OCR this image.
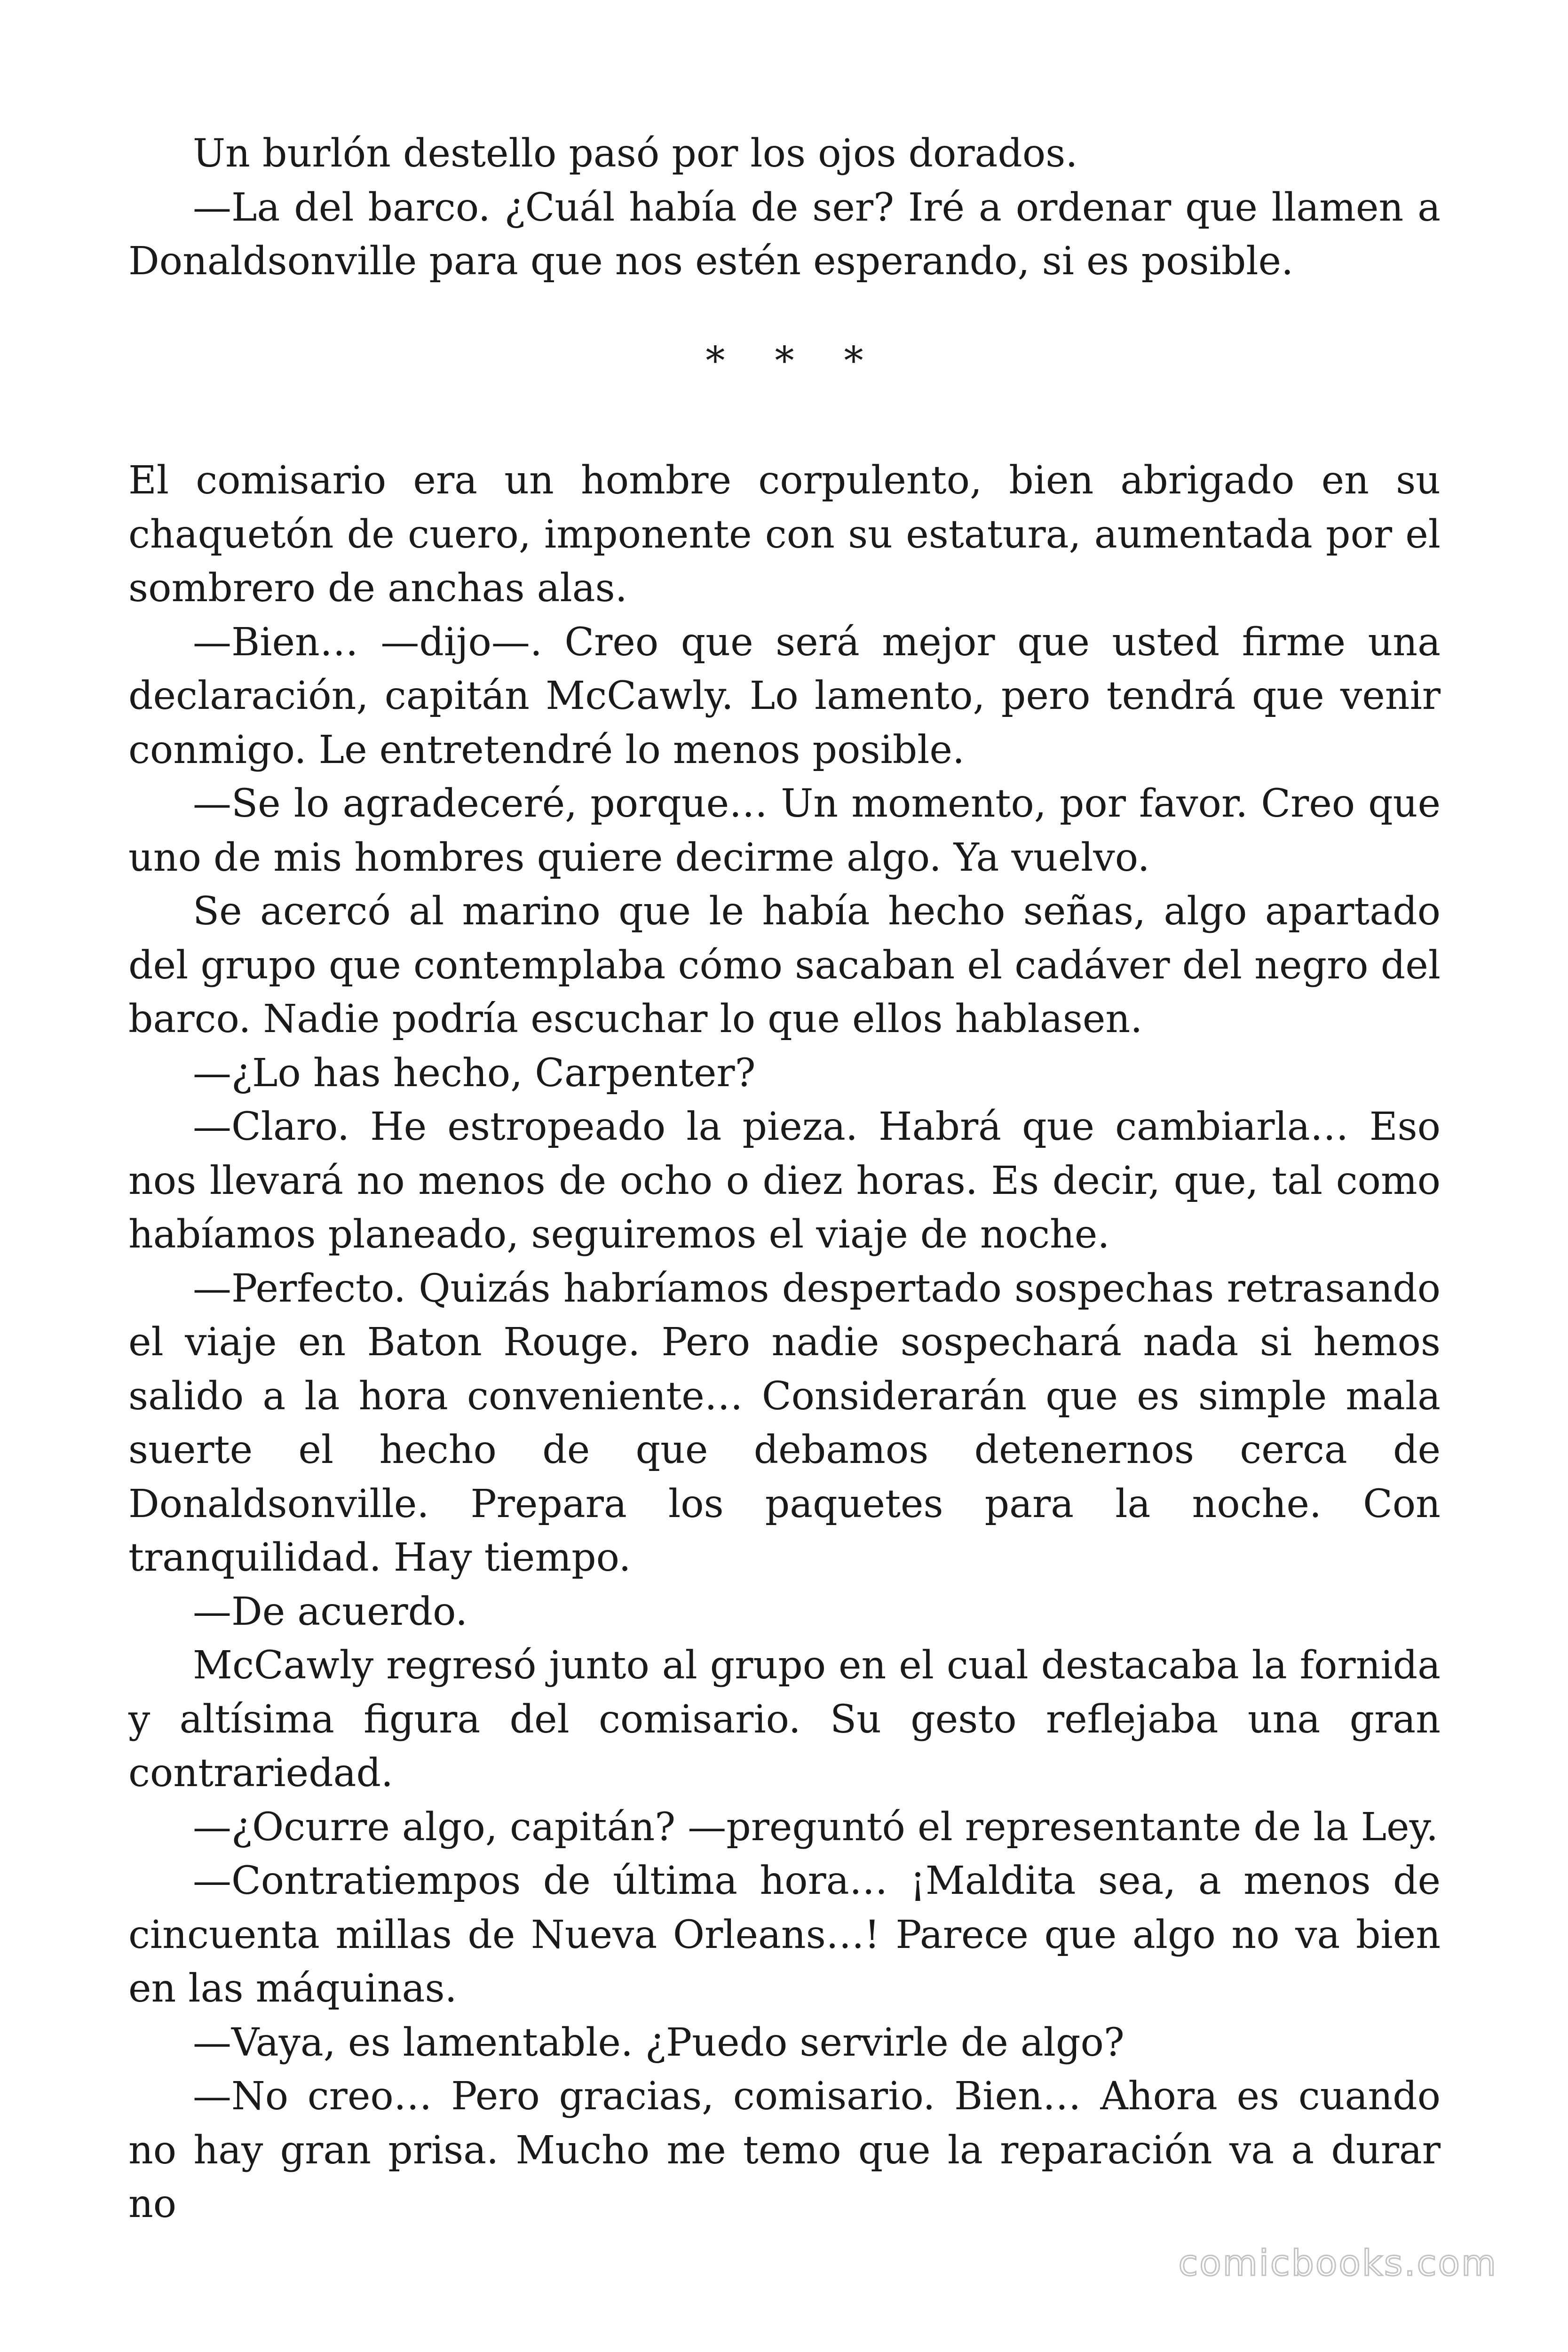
Un burlón destello pasó por los ojos dorados.

—La del barco. ¿Cuál había de ser? Iré a ordenar que llamen a Donaldsonville para que nos estén esperando, si es posible.

* * *

El comisario era un hombre corpulento, bien abrigado en su chaquetón de cuero, imponente con su estatura, aumentada por el sombrero de anchas alas.

—Bien… —dijo—. Creo que será mejor que usted firme una declaración, capitán McCawly. Lo lamento, pero tendrá que venir conmigo. Le entretendré lo menos posible.

—Se lo agradeceré, porque… Un momento, por favor. Creo que uno de mis hombres quiere decirme algo. Ya vuelvo.

Se acercó al marino que le había hecho señas, algo apartado del grupo que contemplaba cómo sacaban el cadáver del negro del barco. Nadie podría escuchar lo que ellos hablasen.

—¿Lo has hecho, Carpenter?

—Claro. He estropeado la pieza. Habrá que cambiarla… Eso nos llevará no menos de ocho o diez horas. Es decir, que, tal como habíamos planeado, seguiremos el viaje de noche.

—Perfecto. Quizás habríamos despertado sospechas retrasando el viaje en Baton Rouge. Pero nadie sospechará nada si hemos salido a la hora conveniente… Considerarán que es simple mala suerte el hecho de que debamos detenernos cerca de Donaldsonville. Prepara los paquetes para la noche. Con tranquilidad. Hay tiempo.

—De acuerdo.

McCawly regresó junto al grupo en el cual destacaba la fornida y altísima figura del comisario. Su gesto reflejaba una gran contrariedad.

—¿Ocurre algo, capitán? —preguntó el representante de la Ley.

—Contratiempos de última hora… ¡Maldita sea, a menos de cincuenta millas de Nueva Orleans…! Parece que algo no va bien en las máquinas.

—Vaya, es lamentable. ¿Puedo servirle de algo?

—No creo… Pero gracias, comisario. Bien… Ahora es cuando no hay gran prisa. Mucho me temo que la reparación va a durar no

comicbooks.com
